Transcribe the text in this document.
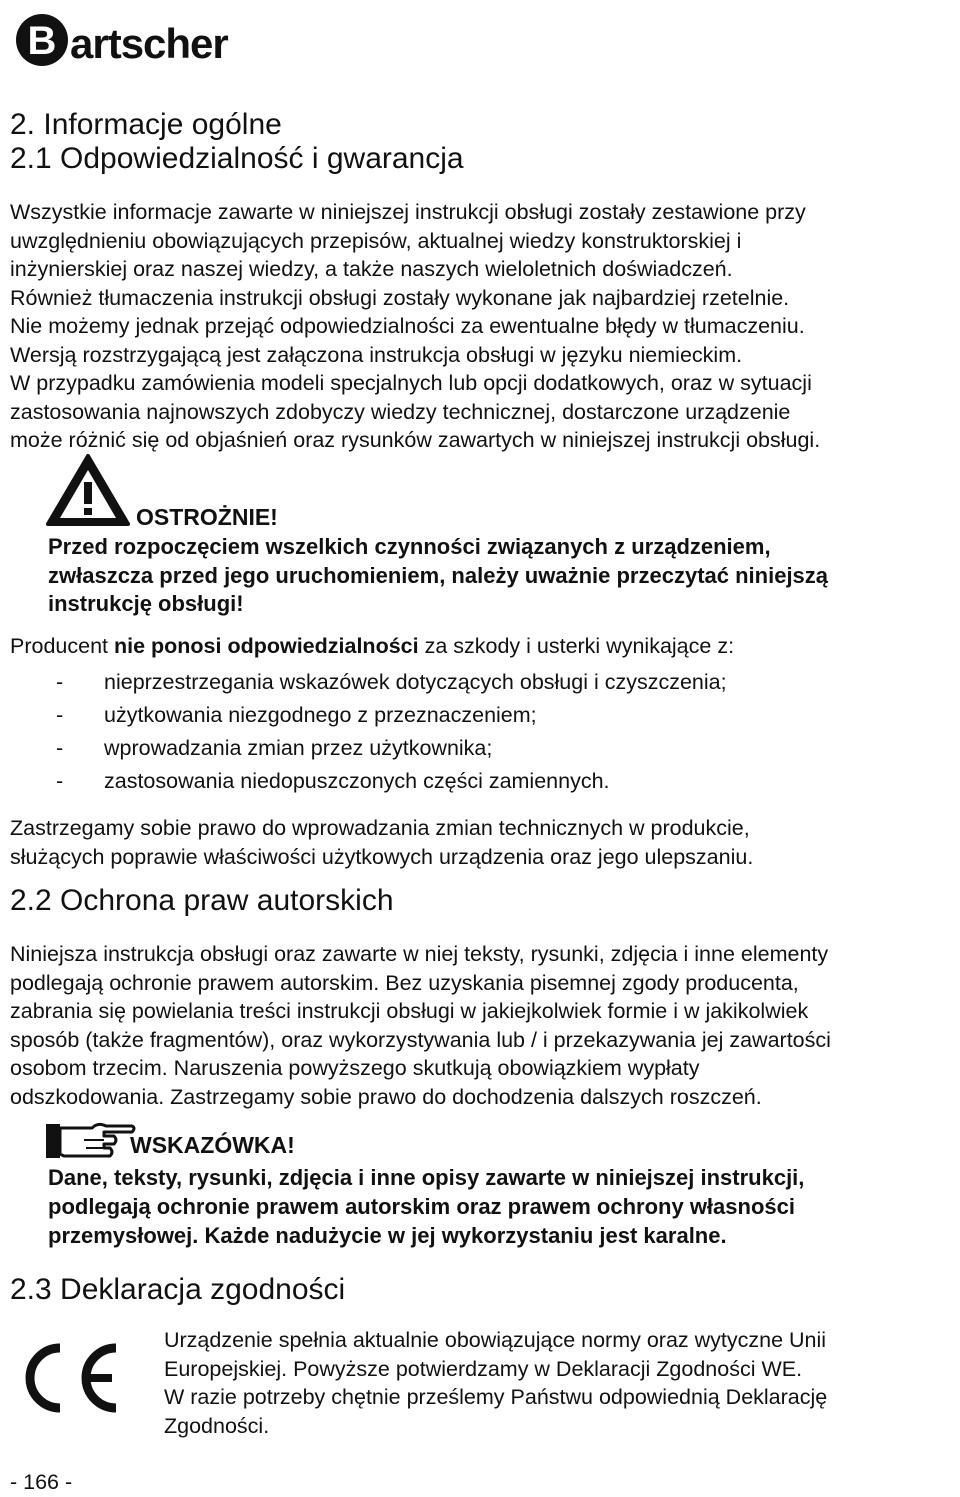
B artscher
2. Informacje ogólne
2.1 Odpowiedzialność i gwarancja
Wszystkie informacje zawarte w niniejszej instrukcji obsługi zostały zestawione przy
uwzględnieniu obowiązujących przepisów, aktualnej wiedzy konstruktorskiej i
inżynierskiej oraz naszej wiedzy, a także naszych wieloletnich doświadczeń.
Również tłumaczenia instrukcji obsługi zostały wykonane jak najbardziej rzetelnie.
Nie możemy jednak przejąć odpowiedzialności za ewentualne błędy w tłumaczeniu.
Wersją rozstrzygającą jest załączona instrukcja obsługi w języku niemieckim.
W przypadku zamówienia modeli specjalnych lub opcji dodatkowych, oraz w sytuacji
zastosowania najnowszych zdobyczy wiedzy technicznej, dostarczone urządzenie
może różnić się od objaśnień oraz rysunków zawartych w niniejszej instrukcji obsługi.
OSTROŻNIE!
Przed rozpoczęciem wszelkich czynności związanych z urządzeniem,
zwłaszcza przed jego uruchomieniem, należy uważnie przeczytać niniejszą
instrukcję obsługi!
Producent nie ponosi odpowiedzialności za szkody i usterki wynikające z:
- nieprzestrzegania wskazówek dotyczących obsługi i czyszczenia;
- użytkowania niezgodnego z przeznaczeniem;
- wprowadzania zmian przez użytkownika;
- zastosowania niedopuszczonych części zamiennych.
Zastrzegamy sobie prawo do wprowadzania zmian technicznych w produkcie,
służących poprawie właściwości użytkowych urządzenia oraz jego ulepszaniu.
2.2 Ochrona praw autorskich
Niniejsza instrukcja obsługi oraz zawarte w niej teksty, rysunki, zdjęcia i inne elementy
podlegają ochronie prawem autorskim. Bez uzyskania pisemnej zgody producenta,
zabrania się powielania treści instrukcji obsługi w jakiejkolwiek formie i w jakikolwiek
sposób (także fragmentów), oraz wykorzystywania lub / i przekazywania jej zawartości
osobom trzecim. Naruszenia powyższego skutkują obowiązkiem wypłaty
odszkodowania. Zastrzegamy sobie prawo do dochodzenia dalszych roszczeń.
WSKAZÓWKA!
Dane, teksty, rysunki, zdjęcia i inne opisy zawarte w niniejszej instrukcji,
podlegają ochronie prawem autorskim oraz prawem ochrony własności
przemysłowej. Każde nadużycie w jej wykorzystaniu jest karalne.
2.3 Deklaracja zgodności
Urządzenie spełnia aktualnie obowiązujące normy oraz wytyczne Unii
Europejskiej. Powyższe potwierdzamy w Deklaracji Zgodności WE.
W razie potrzeby chętnie prześlemy Państwu odpowiednią Deklarację
Zgodności.
- 166 -
